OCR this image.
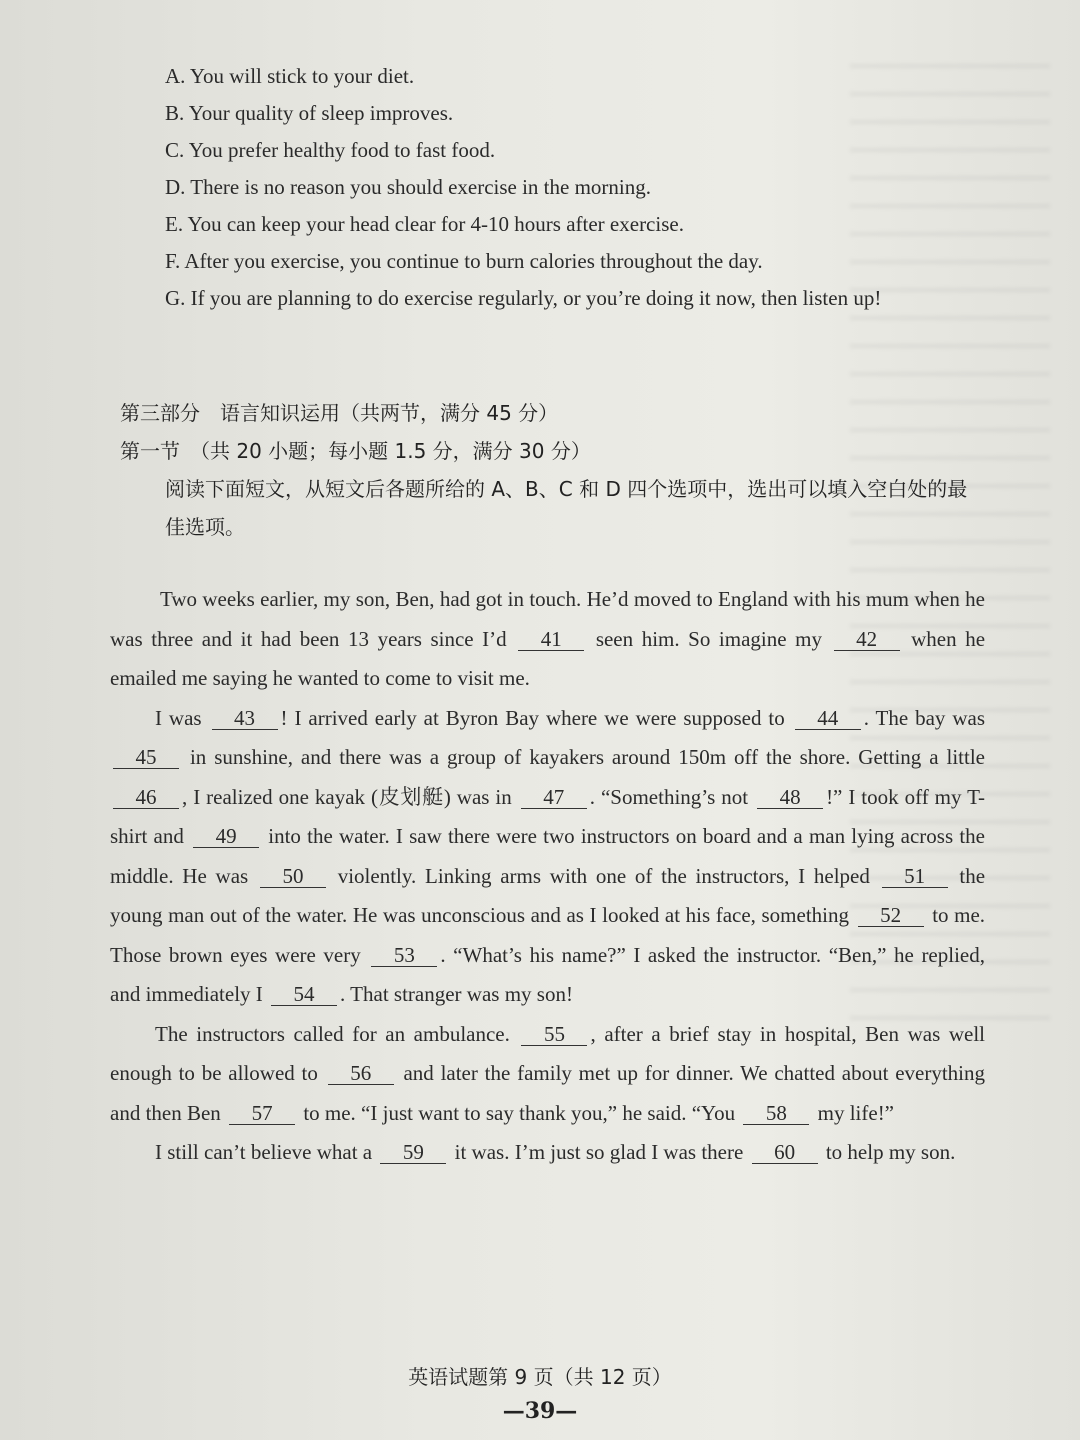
A. You will stick to your diet.
B. Your quality of sleep improves.
C. You prefer healthy food to fast food.
D. There is no reason you should exercise in the morning.
E. You can keep your head clear for 4-10 hours after exercise.
F. After you exercise, you continue to burn calories throughout the day.
G. If you are planning to do exercise regularly, or you’re doing it now, then listen up!
第三部分　语言知识运用（共两节，满分 45 分）
第一节　（共 20 小题；每小题 1.5 分，满分 30 分）
阅读下面短文，从短文后各题所给的 A、B、C 和 D 四个选项中，选出可以填入空白处的最佳选项。

Two weeks earlier, my son, Ben, had got in touch. He’d moved to England with his mum when he was three and it had been 13 years since I’d 41 seen him. So imagine my 42 when he emailed me saying he wanted to come to visit me.

I was 43 ! I arrived early at Byron Bay where we were supposed to 44 . The bay was 45 in sunshine, and there was a group of kayakers around 150m off the shore. Getting a little 46 , I realized one kayak (皮划艇) was in 47 . “Something’s not 48 !” I took off my T-shirt and 49 into the water. I saw there were two instructors on board and a man lying across the middle. He was 50 violently. Linking arms with one of the instructors, I helped 51 the young man out of the water. He was unconscious and as I looked at his face, something 52 to me. Those brown eyes were very 53 . “What’s his name?” I asked the instructor. “Ben,” he replied, and immediately I 54 . That stranger was my son!

The instructors called for an ambulance. 55 , after a brief stay in hospital, Ben was well enough to be allowed to 56 and later the family met up for dinner. We chatted about everything and then Ben 57 to me. “I just want to say thank you,” he said. “You 58 my life!”

I still can’t believe what a 59 it was. I’m just so glad I was there 60 to help my son.

英语试题第 9 页（共 12 页）
—39—
